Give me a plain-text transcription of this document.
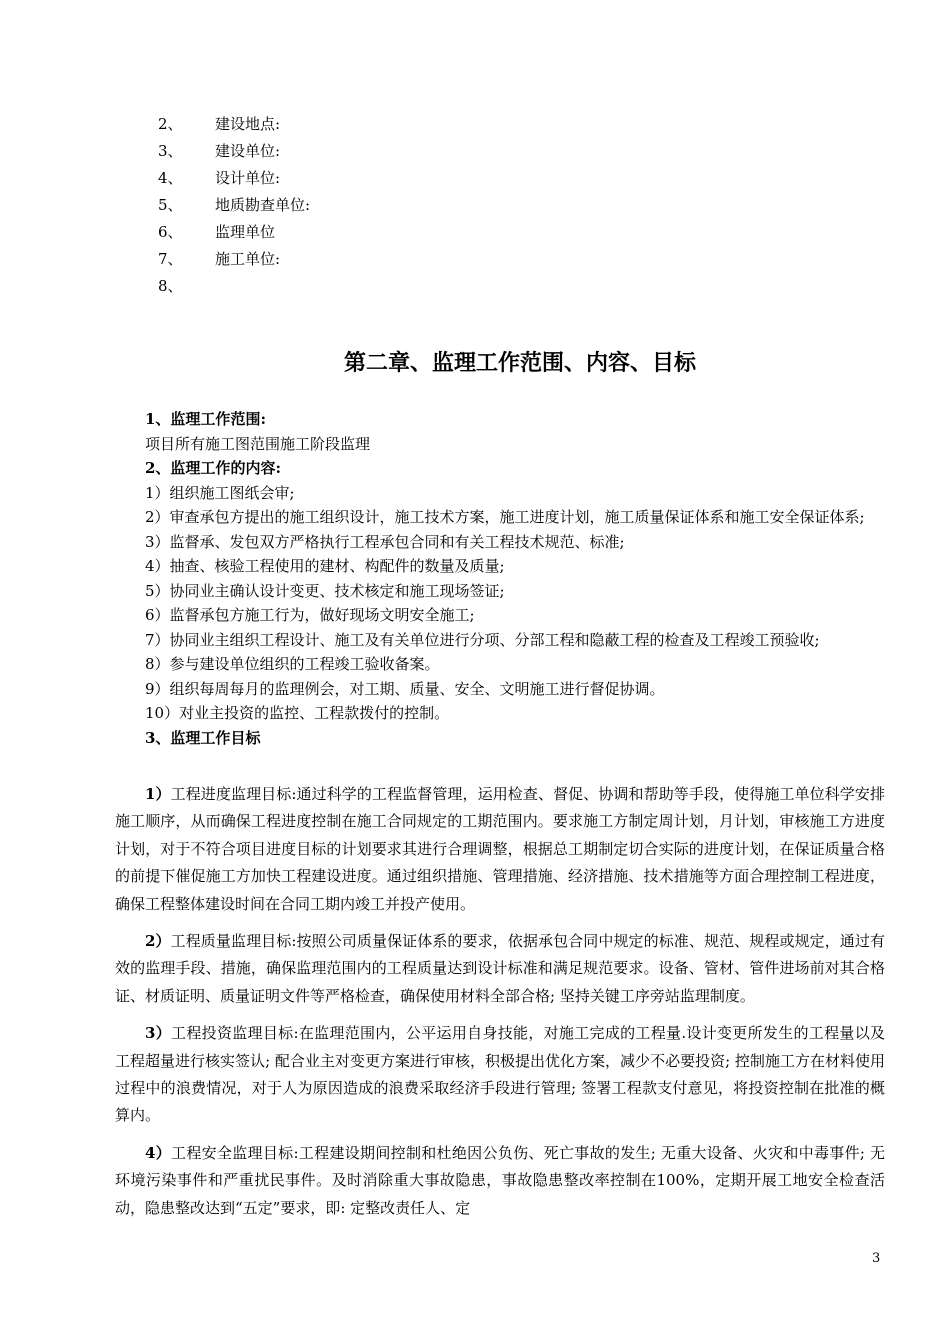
2、 建设地点:
3、 建设单位:
4、 设计单位:
5、 地质勘查单位:
6、 监理单位
7、 施工单位:
8、
第二章、监理工作范围、内容、目标

1、监理工作范围:

项目所有施工图范围施工阶段监理

2、监理工作的内容:

1）组织施工图纸会审;

2）审查承包方提出的施工组织设计，施工技术方案，施工进度计划，施工质量保证体系和施工安全保证体系;

3）监督承、发包双方严格执行工程承包合同和有关工程技术规范、标准;

4）抽查、核验工程使用的建材、构配件的数量及质量;

5）协同业主确认设计变更、技术核定和施工现场签证;

6）监督承包方施工行为，做好现场文明安全施工;

7）协同业主组织工程设计、施工及有关单位进行分项、分部工程和隐蔽工程的检查及工程竣工预验收;

8）参与建设单位组织的工程竣工验收备案。

9）组织每周每月的监理例会，对工期、质量、安全、文明施工进行督促协调。

10）对业主投资的监控、工程款拨付的控制。

3、监理工作目标

1）工程进度监理目标:通过科学的工程监督管理，运用检查、督促、协调和帮助等手段，使得施工单位科学安排施工顺序，从而确保工程进度控制在施工合同规定的工期范围内。要求施工方制定周计划，月计划，审核施工方进度计划，对于不符合项目进度目标的计划要求其进行合理调整，根据总工期制定切合实际的进度计划，在保证质量合格的前提下催促施工方加快工程建设进度。通过组织措施、管理措施、经济措施、技术措施等方面合理控制工程进度，确保工程整体建设时间在合同工期内竣工并投产使用。

2）工程质量监理目标:按照公司质量保证体系的要求，依据承包合同中规定的标准、规范、规程或规定，通过有效的监理手段、措施，确保监理范围内的工程质量达到设计标准和满足规范要求。设备、管材、管件进场前对其合格证、材质证明、质量证明文件等严格检查，确保使用材料全部合格; 坚持关键工序旁站监理制度。

3）工程投资监理目标:在监理范围内，公平运用自身技能，对施工完成的工程量.设计变更所发生的工程量以及工程超量进行核实签认; 配合业主对变更方案进行审核，积极提出优化方案，减少不必要投资; 控制施工方在材料使用过程中的浪费情况，对于人为原因造成的浪费采取经济手段进行管理; 签署工程款支付意见，将投资控制在批准的概算内。

4）工程安全监理目标:工程建设期间控制和杜绝因公负伤、死亡事故的发生; 无重大设备、火灾和中毒事件; 无环境污染事件和严重扰民事件。及时消除重大事故隐患，事故隐患整改率控制在100%，定期开展工地安全检查活动，隐患整改达到“五定”要求，即: 定整改责任人、定

3
